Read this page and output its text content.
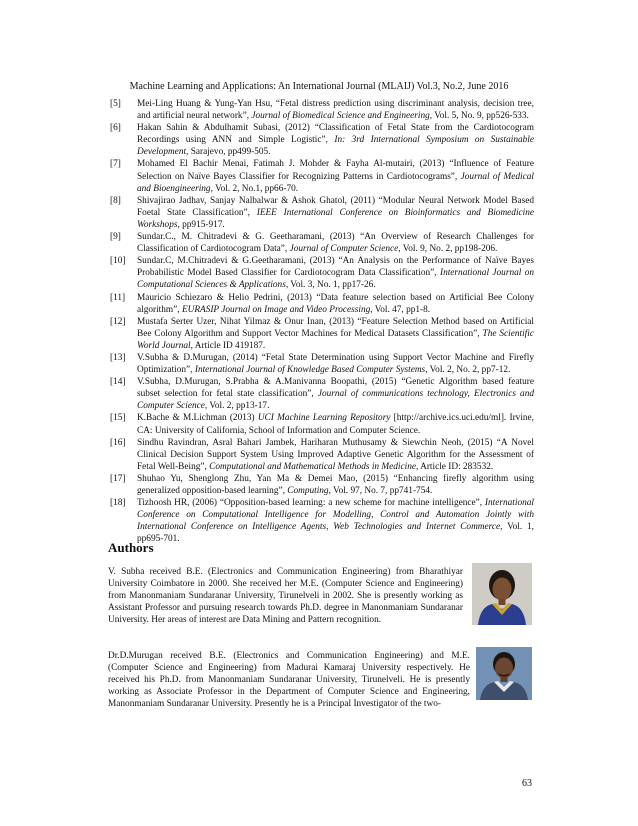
Machine Learning and Applications: An International Journal (MLAIJ) Vol.3, No.2, June 2016
[5] Mei-Ling Huang & Yung-Yan Hsu, “Fetal distress prediction using discriminant analysis, decision tree, and artificial neural network”, Journal of Biomedical Science and Engineering, Vol. 5, No. 9, pp526-533.
[6] Hakan Sahin & Abdulhamit Subasi, (2012) “Classification of Fetal State from the Cardiotocogram Recordings using ANN and Simple Logistic”, In: 3rd International Symposium on Sustainable Development, Sarajevo, pp499-505.
[7] Mohamed El Bachir Menai, Fatimah J. Mohder & Fayha Al-mutairi, (2013) “Influence of Feature Selection on Naïve Bayes Classifier for Recognizing Patterns in Cardiotocograms”, Journal of Medical and Bioengineering, Vol. 2, No.1, pp66-70.
[8] Shivajirao Jadhav, Sanjay Nalbalwar & Ashok Ghatol, (2011) “Modular Neural Network Model Based Foetal State Classification”, IEEE International Conference on Bioinformatics and Biomedicine Workshops, pp915-917.
[9] Sundar.C., M. Chitradevi & G. Geetharamani, (2013) “An Overview of Research Challenges for Classification of Cardiotocogram Data”, Journal of Computer Science, Vol. 9, No. 2, pp198-206.
[10] Sundar.C, M.Chitradevi & G.Geetharamani, (2013) “An Analysis on the Performance of Naïve Bayes Probabilistic Model Based Classifier for Cardiotocogram Data Classification”, International Journal on Computational Sciences & Applications, Vol. 3, No. 1, pp17-26.
[11] Mauricio Schiezaro & Helio Pedrini, (2013) “Data feature selection based on Artificial Bee Colony algorithm”, EURASIP Journal on Image and Video Processing, Vol. 47, pp1-8.
[12] Mustafa Serter Uzer, Nihat Yilmaz & Onur Inan, (2013) “Feature Selection Method based on Artificial Bee Colony Algorithm and Support Vector Machines for Medical Datasets Classification”, The Scientific World Journal, Article ID 419187.
[13] V.Subha & D.Murugan, (2014) “Fetal State Determination using Support Vector Machine and Firefly Optimization”, International Journal of Knowledge Based Computer Systems, Vol. 2, No. 2, pp7-12.
[14] V.Subha, D.Murugan, S.Prabha & A.Manivanna Boopathi, (2015) “Genetic Algorithm based feature subset selection for fetal state classification”, Journal of communications technology, Electronics and Computer Science, Vol. 2, pp13-17.
[15] K.Bache & M.Lichman (2013) UCI Machine Learning Repository [http://archive.ics.uci.edu/ml]. Irvine, CA: University of California, School of Information and Computer Science.
[16] Sindhu Ravindran, Asral Bahari Jambek, Hariharan Muthusamy & Siewchin Neoh, (2015) “A Novel Clinical Decision Support System Using Improved Adaptive Genetic Algorithm for the Assessment of Fetal Well-Being”, Computational and Mathematical Methods in Medicine, Article ID: 283532.
[17] Shuhao Yu, Shenglong Zhu, Yan Ma & Demei Mao, (2015) “Enhancing firefly algorithm using generalized opposition-based learning”, Computing, Vol. 97, No. 7, pp741-754.
[18] Tizhoosh HR, (2006) “Opposition-based learning: a new scheme for machine intelligence”, International Conference on Computational Intelligence for Modelling, Control and Automation Jointly with International Conference on Intelligence Agents, Web Technologies and Internet Commerce, Vol. 1, pp695-701.
Authors

V. Subha received B.E. (Electronics and Communication Engineering) from Bharathiyar University Coimbatore in 2000. She received her M.E. (Computer Science and Engineering) from Manonmaniam Sundaranar University, Tirunelveli in 2002. She is presently working as Assistant Professor and pursuing research towards Ph.D. degree in Manonmaniam Sundaranar University. Her areas of interest are Data Mining and Pattern recognition.

Dr.D.Murugan received B.E. (Electronics and Communication Engineering) and M.E. (Computer Science and Engineering) from Madurai Kamaraj University respectively. He received his Ph.D. from Manonmaniam Sundaranar University, Tirunelveli. He is presently working as Associate Professor in the Department of Computer Science and Engineering, Manonmaniam Sundaranar University. Presently he is a Principal Investigator of the two-

63
